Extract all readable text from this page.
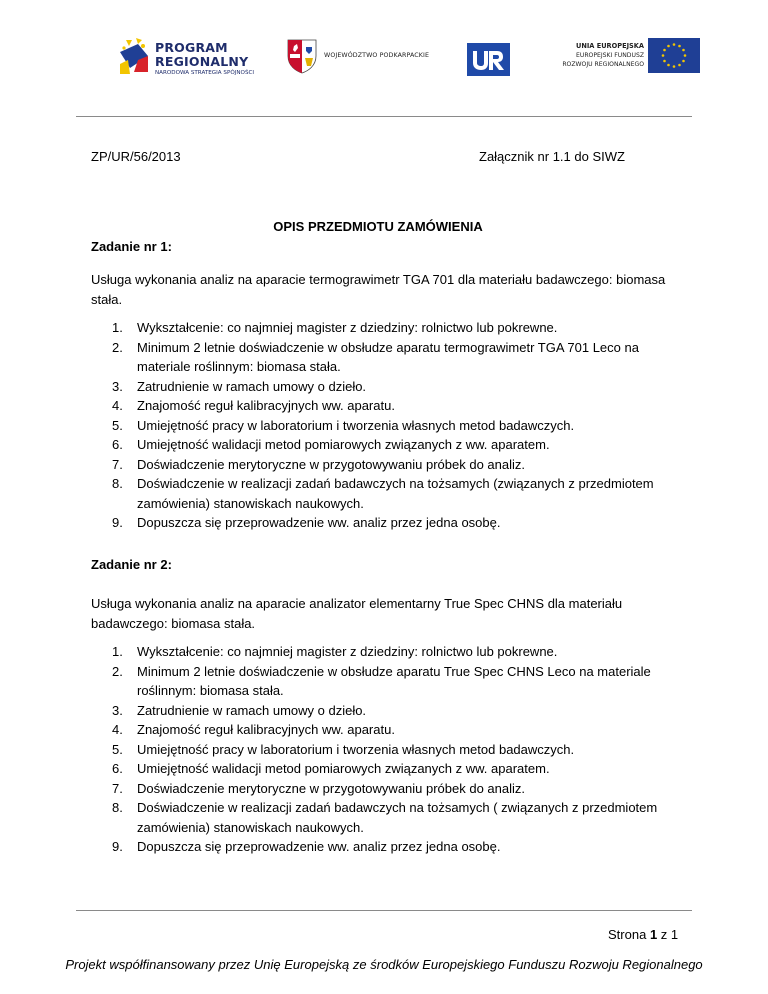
PROGRAM
REGIONALNY
NARODOWA STRATEGIA SPÓJNOŚCI
WOJEWÓDZTWO PODKARPACKIE
UNIA EUROPEJSKA
EUROPEJSKI FUNDUSZ
ROZWOJU REGIONALNEGO
ZP/UR/56/2013	Załącznik nr 1.1 do SIWZ
OPIS PRZEDMIOTU ZAMÓWIENIA
Zadanie nr 1:
Usługa wykonania analiz na aparacie termograwimetr TGA 701 dla materiału badawczego: biomasa stała.
1. Wykształcenie: co najmniej magister z dziedziny: rolnictwo lub pokrewne.
2. Minimum 2 letnie doświadczenie w obsłudze aparatu termograwimetr TGA 701 Leco na materiale roślinnym: biomasa stała.
3. Zatrudnienie w ramach umowy o dzieło.
4. Znajomość reguł kalibracyjnych ww. aparatu.
5. Umiejętność pracy w laboratorium i tworzenia własnych metod badawczych.
6. Umiejętność walidacji metod pomiarowych związanych z ww. aparatem.
7. Doświadczenie merytoryczne w przygotowywaniu próbek do analiz.
8. Doświadczenie w realizacji zadań badawczych na tożsamych (związanych z przedmiotem zamówienia) stanowiskach naukowych.
9. Dopuszcza się przeprowadzenie ww. analiz przez jedna osobę.
Zadanie nr 2:
Usługa wykonania analiz na aparacie analizator elementarny True Spec CHNS dla materiału badawczego: biomasa stała.
1. Wykształcenie: co najmniej magister z dziedziny: rolnictwo lub pokrewne.
2. Minimum 2 letnie doświadczenie w obsłudze aparatu True Spec CHNS Leco na materiale roślinnym: biomasa stała.
3. Zatrudnienie w ramach umowy o dzieło.
4. Znajomość reguł kalibracyjnych ww. aparatu.
5. Umiejętność pracy w laboratorium i tworzenia własnych metod badawczych.
6. Umiejętność walidacji metod pomiarowych związanych z ww. aparatem.
7. Doświadczenie merytoryczne w przygotowywaniu próbek do analiz.
8. Doświadczenie w realizacji zadań badawczych na tożsamych ( związanych z przedmiotem zamówienia) stanowiskach naukowych.
9. Dopuszcza się przeprowadzenie ww. analiz przez jedna osobę.
Strona 1 z 1
Projekt współfinansowany przez Unię Europejską ze środków Europejskiego Funduszu Rozwoju Regionalnego
